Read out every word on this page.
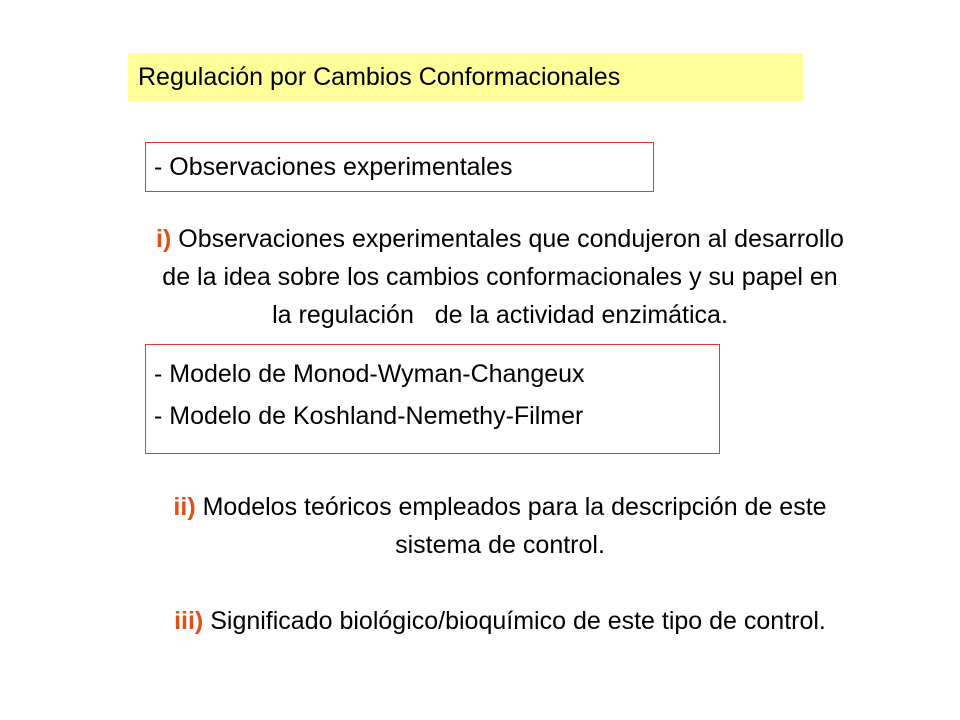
Regulación por Cambios Conformacionales
- Observaciones experimentales
i) Observaciones experimentales que condujeron al desarrollo
de la idea sobre los cambios conformacionales y su papel en
la regulación   de la actividad enzimática.
- Modelo de Monod-Wyman-Changeux
- Modelo de Koshland-Nemethy-Filmer
ii) Modelos teóricos empleados para la descripción de este
sistema de control.
iii) Significado biológico/bioquímico de este tipo de control.
